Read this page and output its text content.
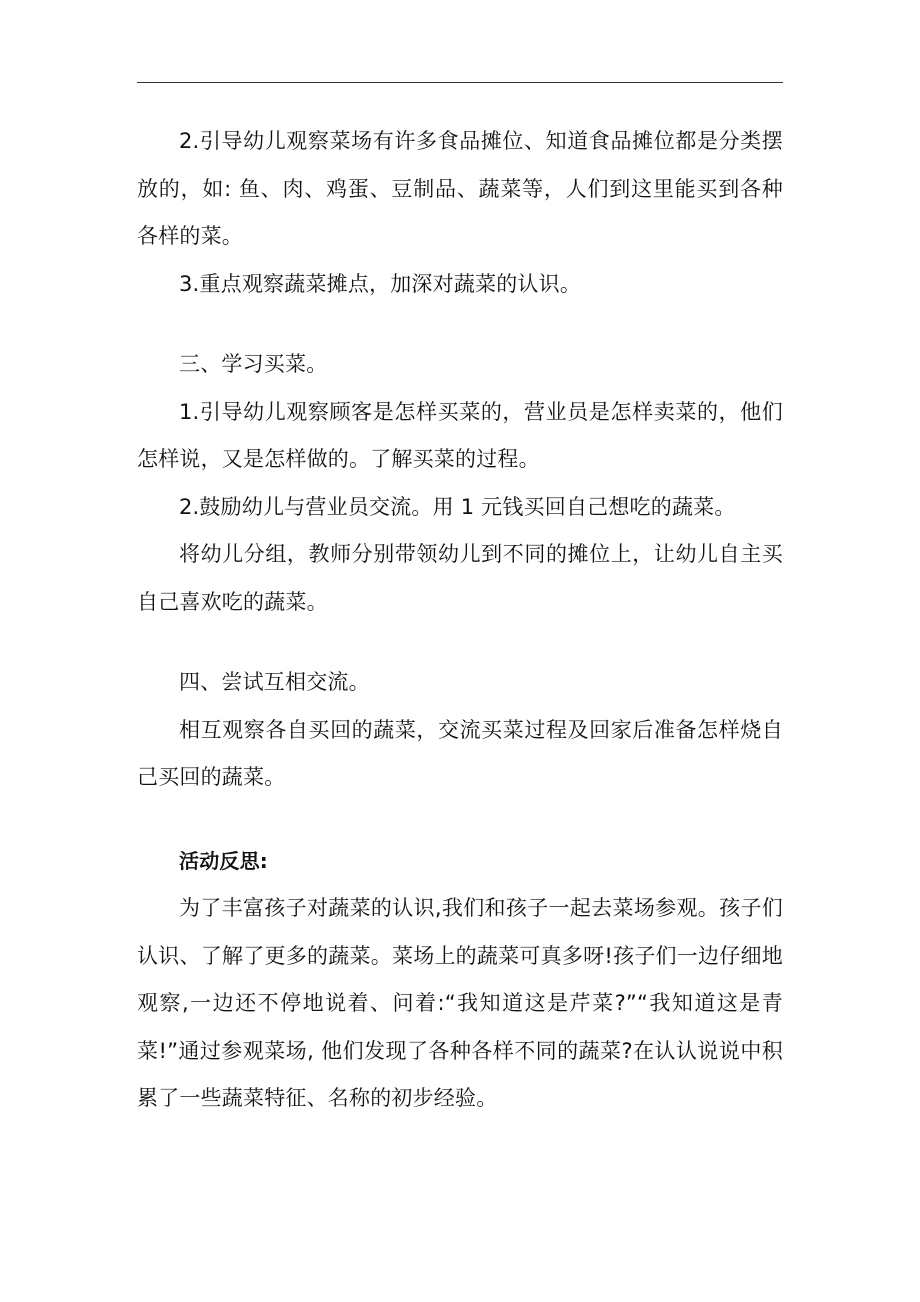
2.引导幼儿观察菜场有许多食品摊位、知道食品摊位都是分类摆放的，如: 鱼、肉、鸡蛋、豆制品、蔬菜等，人们到这里能买到各种各样的菜。

3.重点观察蔬菜摊点，加深对蔬菜的认识。

三、学习买菜。

1.引导幼儿观察顾客是怎样买菜的，营业员是怎样卖菜的，他们怎样说，又是怎样做的。了解买菜的过程。

2.鼓励幼儿与营业员交流。用 1 元钱买回自己想吃的蔬菜。

将幼儿分组，教师分别带领幼儿到不同的摊位上，让幼儿自主买自己喜欢吃的蔬菜。

四、尝试互相交流。

相互观察各自买回的蔬菜，交流买菜过程及回家后准备怎样烧自己买回的蔬菜。

活动反思:

为了丰富孩子对蔬菜的认识,我们和孩子一起去菜场参观。孩子们认识、了解了更多的蔬菜。菜场上的蔬菜可真多呀!孩子们一边仔细地观察,一边还不停地说着、问着:“我知道这是芹菜?”“我知道这是青菜!”通过参观菜场, 他们发现了各种各样不同的蔬菜?在认认说说中积累了一些蔬菜特征、名称的初步经验。
